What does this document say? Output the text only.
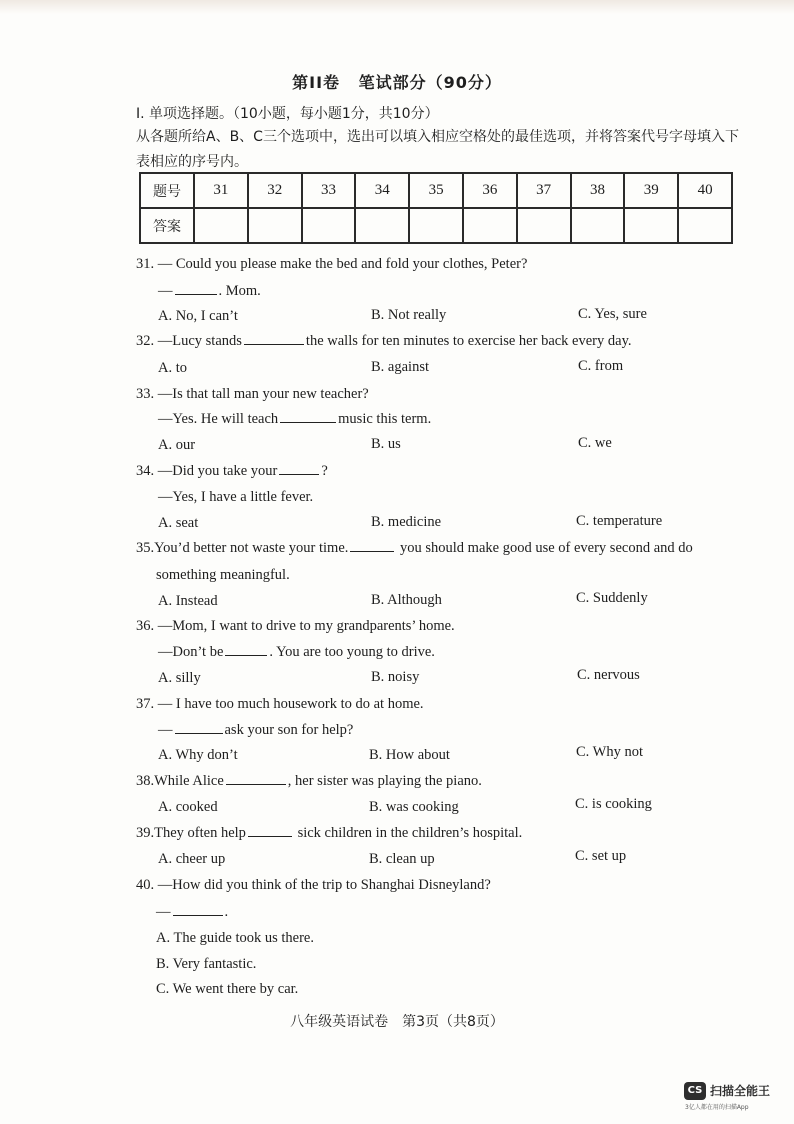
第II卷 笔试部分（90分）
I. 单项选择题。（10小题，每小题1分，共10分）
从各题所给A、B、C三个选项中，选出可以填入相应空格处的最佳选项，并将答案代号字母填入下表相应的序号内。
题号	31	32	33	34	35	36	37	38	39	40
答案										
31. — Could you please make the bed and fold your clothes, Peter?
—	. Mom.
A. No, I can’t	B. Not really	C. Yes, sure
32. —Lucy stands	the walls for ten minutes to exercise her back every day.
A. to	B. against	C. from
33. —Is that tall man your new teacher?
—Yes. He will teach	music this term.
A. our	B. us	C. we
34. —Did you take your	?
—Yes, I have a little fever.
A. seat	B. medicine	C. temperature
35.You’d better not waste your time.	you should make good use of every second and do
something meaningful.
A. Instead	B. Although	C. Suddenly
36. —Mom, I want to drive to my grandparents’ home.
—Don’t be	. You are too young to drive.
A. silly	B. noisy	C. nervous
37. — I have too much housework to do at home.
—	ask your son for help?
A. Why don’t	B. How about	C. Why not
38.While Alice	, her sister was playing the piano.
A. cooked	B. was cooking	C. is cooking
39.They often help	sick children in the children’s hospital.
A. cheer up	B. clean up	C. set up
40. —How did you think of the trip to Shanghai Disneyland?
—	.
A. The guide took us there.
B. Very fantastic.
C. We went there by car.
八年级英语试卷　第3页（共8页）
CS 扫描全能王
3亿人都在用的扫描App
